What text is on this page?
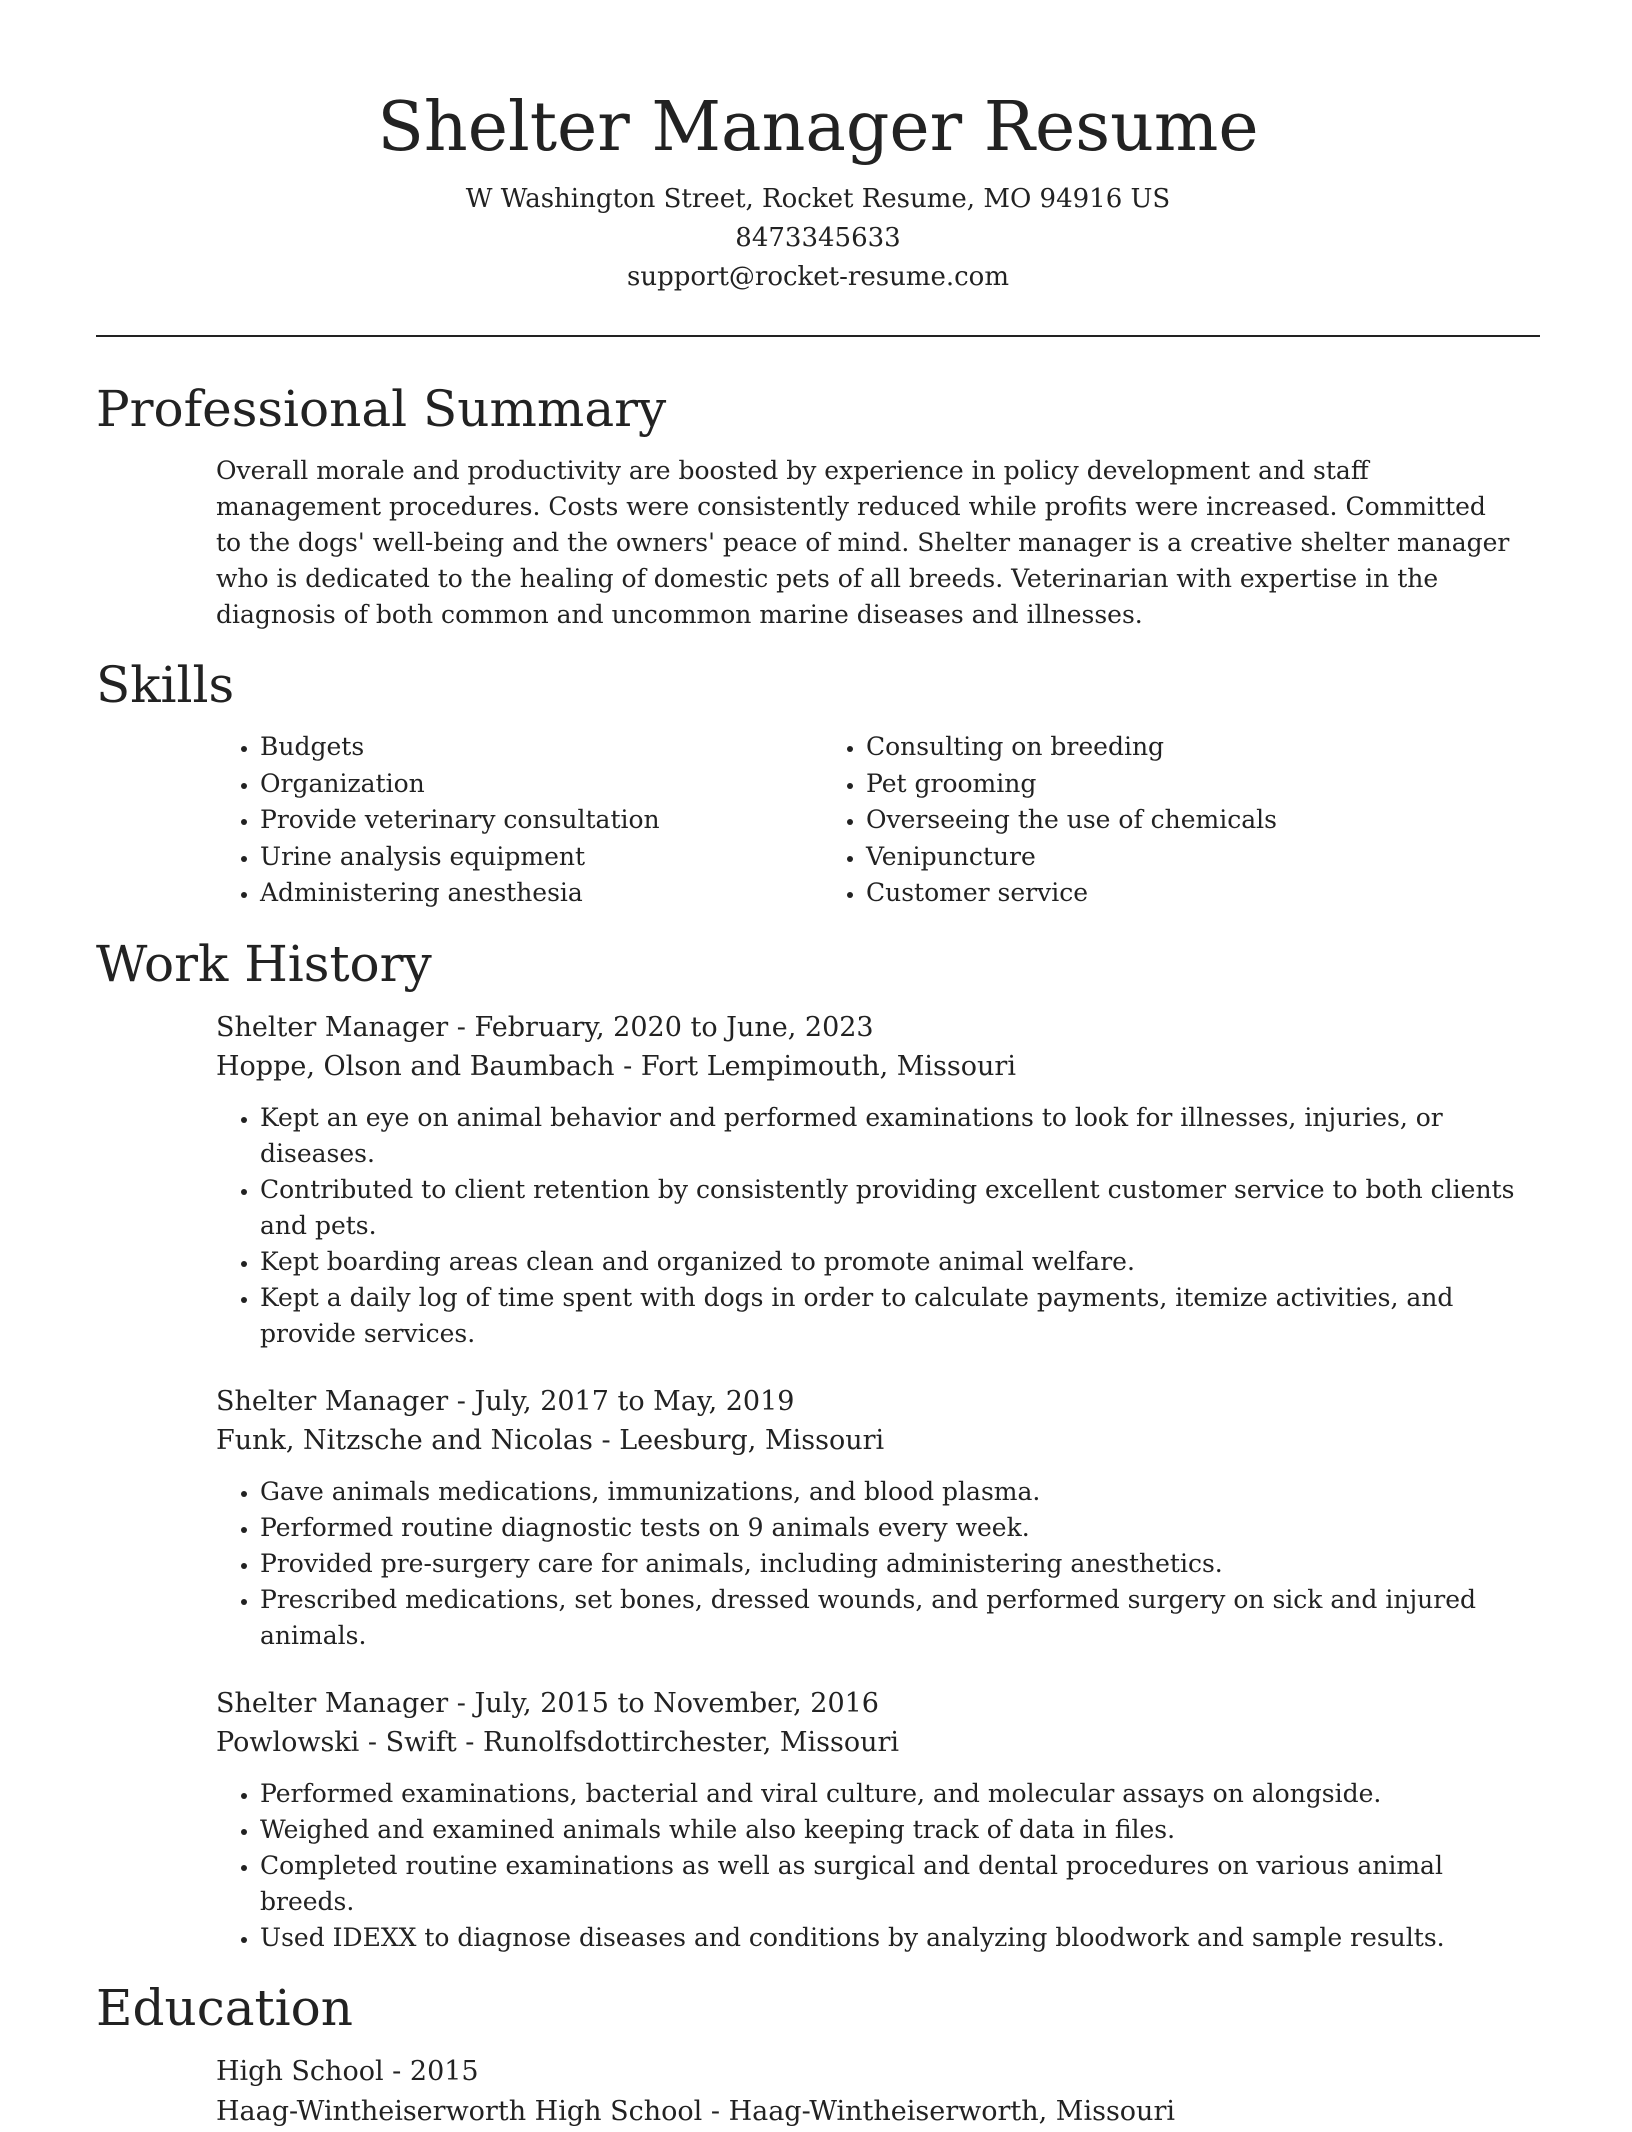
Shelter Manager Resume
W Washington Street, Rocket Resume, MO 94916 US
8473345633
support@rocket-resume.com
Professional Summary

Overall morale and productivity are boosted by experience in policy development and staff management procedures. Costs were consistently reduced while profits were increased. Committed to the dogs' well-being and the owners' peace of mind. Shelter manager is a creative shelter manager who is dedicated to the healing of domestic pets of all breeds. Veterinarian with expertise in the diagnosis of both common and uncommon marine diseases and illnesses.

Skills
• Budgets
• Organization
• Provide veterinary consultation
• Urine analysis equipment
• Administering anesthesia
• Consulting on breeding
• Pet grooming
• Overseeing the use of chemicals
• Venipuncture
• Customer service
Work History
Shelter Manager - February, 2020 to June, 2023
Hoppe, Olson and Baumbach - Fort Lempimouth, Missouri
• Kept an eye on animal behavior and performed examinations to look for illnesses, injuries, or diseases.
• Contributed to client retention by consistently providing excellent customer service to both clients and pets.
• Kept boarding areas clean and organized to promote animal welfare.
• Kept a daily log of time spent with dogs in order to calculate payments, itemize activities, and provide services.
Shelter Manager - July, 2017 to May, 2019
Funk, Nitzsche and Nicolas - Leesburg, Missouri
• Gave animals medications, immunizations, and blood plasma.
• Performed routine diagnostic tests on 9 animals every week.
• Provided pre-surgery care for animals, including administering anesthetics.
• Prescribed medications, set bones, dressed wounds, and performed surgery on sick and injured animals.
Shelter Manager - July, 2015 to November, 2016
Powlowski - Swift - Runolfsdottirchester, Missouri
• Performed examinations, bacterial and viral culture, and molecular assays on alongside.
• Weighed and examined animals while also keeping track of data in files.
• Completed routine examinations as well as surgical and dental procedures on various animal breeds.
• Used IDEXX to diagnose diseases and conditions by analyzing bloodwork and sample results.
Education
High School - 2015
Haag-Wintheiserworth High School - Haag-Wintheiserworth, Missouri
